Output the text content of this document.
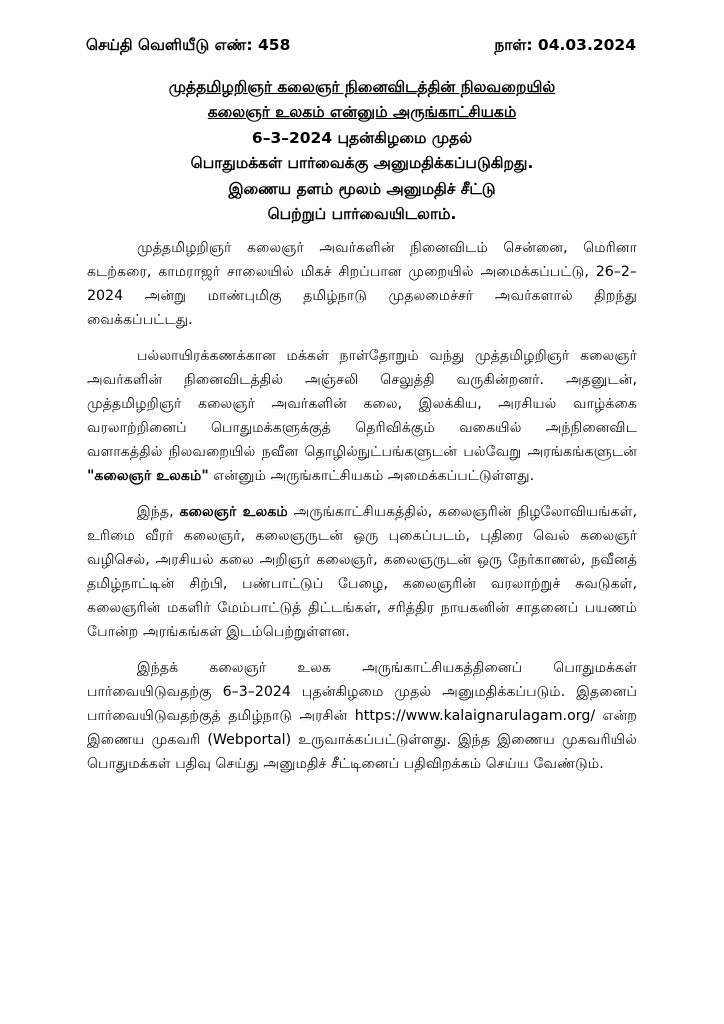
செய்தி வெளியீடு எண்: 458	நாள்: 04.03.2024
முத்தமிழறிஞர் கலைஞர் நினைவிடத்தின் நிலவறையில்
கலைஞர் உலகம் என்னும் அருங்காட்சியகம்
6–3–2024 புதன்கிழமை முதல்
பொதுமக்கள் பார்வைக்கு அனுமதிக்கப்படுகிறது.
இணைய தளம் மூலம் அனுமதிச் சீட்டு
பெற்றுப் பார்வையிடலாம்.

முத்தமிழறிஞர் கலைஞர் அவர்களின் நினைவிடம் சென்னை, மெரினா கடற்கரை, காமராஜர் சாலையில் மிகச் சிறப்பான முறையில் அமைக்கப்பட்டு, 26–2–2024 அன்று மாண்புமிகு தமிழ்நாடு முதலமைச்சர் அவர்களால் திறந்து வைக்கப்பட்டது.

பல்லாயிரக்கணக்கான மக்கள் நாள்தோறும் வந்து முத்தமிழறிஞர் கலைஞர் அவர்களின் நினைவிடத்தில் அஞ்சலி செலுத்தி வருகின்றனர். அதனுடன், முத்தமிழறிஞர் கலைஞர் அவர்களின் கலை, இலக்கிய, அரசியல் வாழ்க்கை வரலாற்றினைப் பொதுமக்களுக்குத் தெரிவிக்கும் வகையில் அந்நினைவிட வளாகத்தில் நிலவறையில் நவீன தொழில்நுட்பங்களுடன் பல்வேறு அரங்கங்களுடன் "கலைஞர் உலகம்" என்னும் அருங்காட்சியகம் அமைக்கப்பட்டுள்ளது.

இந்த, கலைஞர் உலகம் அருங்காட்சியகத்தில், கலைஞரின் நிழலோவியங்கள், உரிமை வீரர் கலைஞர், கலைஞருடன் ஒரு புகைப்படம், புதிரை வெல் கலைஞர் வழிசெல், அரசியல் கலை அறிஞர் கலைஞர், கலைஞருடன் ஒரு நேர்காணல், நவீனத் தமிழ்நாட்டின் சிற்பி, பண்பாட்டுப் பேழை, கலைஞரின் வரலாற்றுச் சுவடுகள், கலைஞரின் மகளிர் மேம்பாட்டுத் திட்டங்கள், சரித்திர நாயகனின் சாதனைப் பயணம் போன்ற அரங்கங்கள் இடம்பெற்றுள்ளன.

இந்தக் கலைஞர் உலக அருங்காட்சியகத்தினைப் பொதுமக்கள் பார்வையிடுவதற்கு 6–3–2024 புதன்கிழமை முதல் அனுமதிக்கப்படும். இதனைப் பார்வையிடுவதற்குத் தமிழ்நாடு அரசின் https://www.kalaignarulagam.org/ என்ற இணைய முகவரி (Webportal) உருவாக்கப்பட்டுள்ளது. இந்த இணைய முகவரியில் பொதுமக்கள் பதிவு செய்து அனுமதிச் சீட்டினைப் பதிவிறக்கம் செய்ய வேண்டும்.
